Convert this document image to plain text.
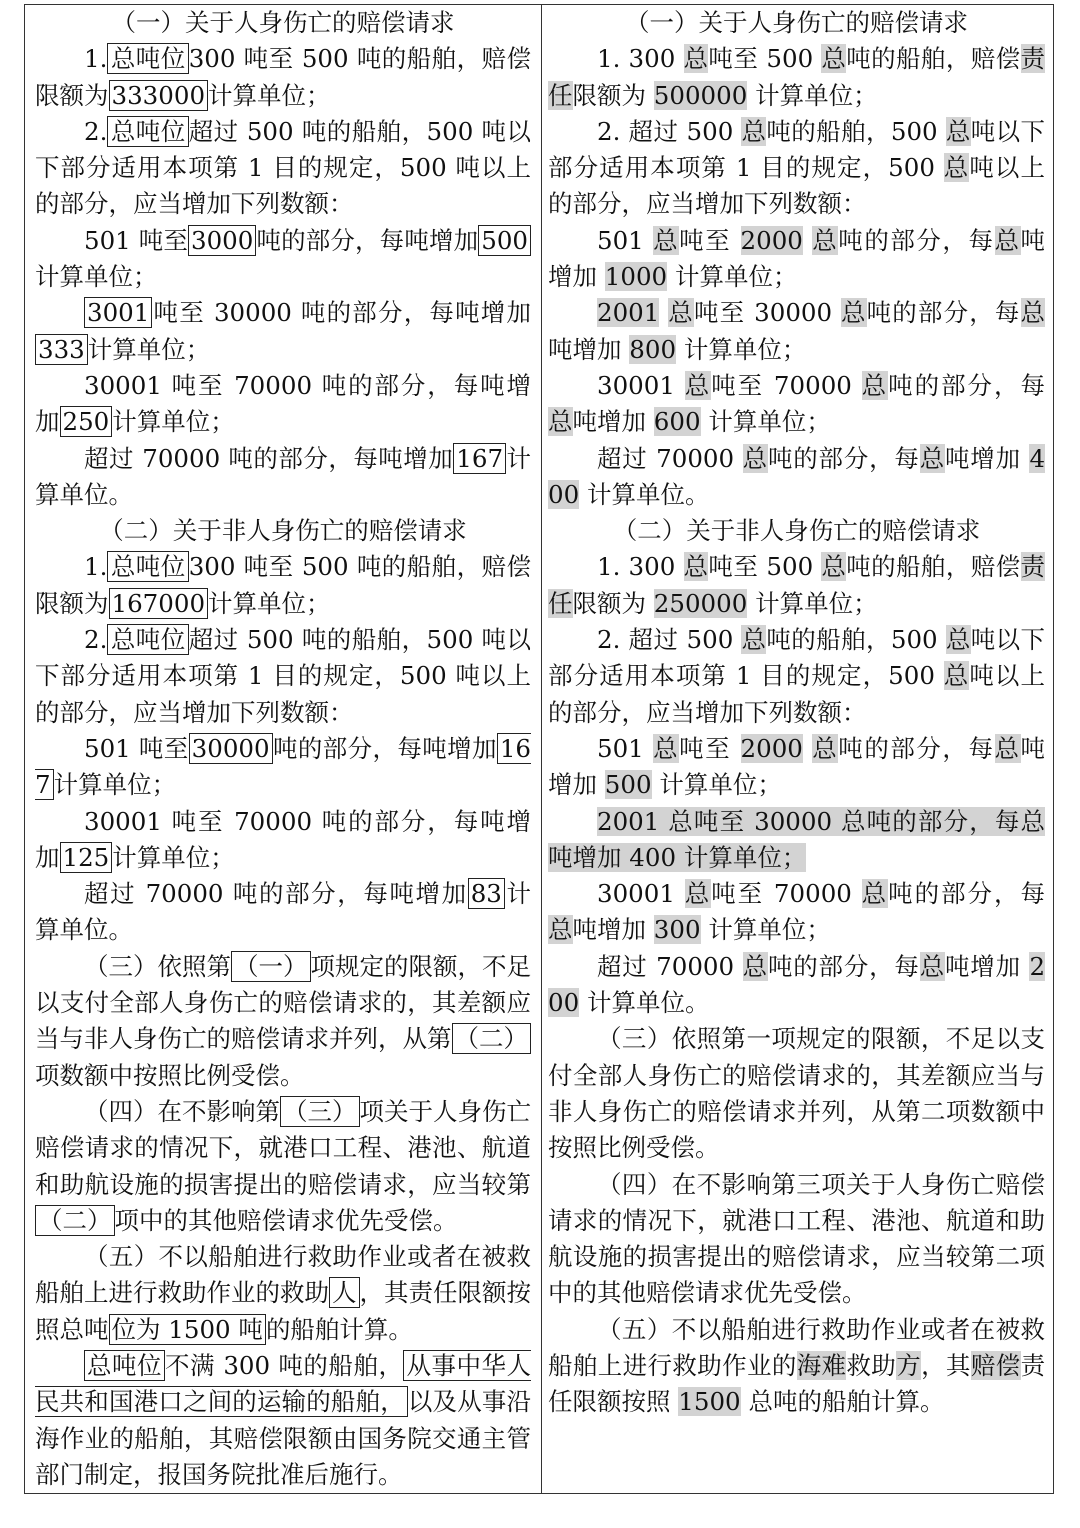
（一）关于人身伤亡的赔偿请求

1. 总吨位 300 吨至 500 吨的船舶，赔偿限额为 333000 计算单位；

2. 总吨位 超过 500 吨的船舶，500 吨以下部分适用本项第 1 目的规定，500 吨以上的部分，应当增加下列数额：

501 吨至 3000 吨的部分，每吨增加 500计算单位；

3001 吨至 30000 吨的部分，每吨增加333 计算单位；

30001 吨至 70000 吨的部分，每吨增加 250 计算单位；

超过 70000 吨的部分，每吨增加 167 计算单位。

（二）关于非人身伤亡的赔偿请求

1. 总吨位 300 吨至 500 吨的船舶，赔偿限额为 167000 计算单位；

2. 总吨位 超过 500 吨的船舶，500 吨以下部分适用本项第 1 目的规定，500 吨以上的部分，应当增加下列数额：

501 吨至 30000 吨的部分，每吨增加 167 计算单位；

30001 吨至 70000 吨的部分，每吨增加 125 计算单位；

超过 70000 吨的部分，每吨增加 83 计算单位。

（三）依照第 （一） 项规定的限额，不足以支付全部人身伤亡的赔偿请求的，其差额应当与非人身伤亡的赔偿请求并列，从第 （二）项数额中按照比例受偿。

（四）在不影响第 （三） 项关于人身伤亡赔偿请求的情况下，就港口工程、港池、航道和助航设施的损害提出的赔偿请求，应当较第（二） 项中的其他赔偿请求优先受偿。

（五）不以船舶进行救助作业或者在被救船舶上进行救助作业的救助 人 ，其责任限额按照总吨 位为 1500 吨 的船舶计算。

总吨位 不满 300 吨的船舶， 从事中华人民共和国港口之间的运输的船舶， 以及从事沿海作业的船舶，其赔偿限额由国务院交通主管部门制定，报国务院批准后施行。

（一）关于人身伤亡的赔偿请求

1. 300 总吨至 500 总吨的船舶，赔偿责任限额为 500000 计算单位；

2. 超过 500 总吨的船舶，500 总吨以下部分适用本项第 1 目的规定，500 总吨以上的部分，应当增加下列数额：

501 总吨至 2000 总吨的部分，每总吨增加 1000 计算单位；

2001 总吨至 30000 总吨的部分，每总吨增加 800 计算单位；

30001 总吨至 70000 总吨的部分，每总吨增加 600 计算单位；

超过 70000 总吨的部分，每总吨增加 400 计算单位。

（二）关于非人身伤亡的赔偿请求

1. 300 总吨至 500 总吨的船舶，赔偿责任限额为 250000 计算单位；

2. 超过 500 总吨的船舶，500 总吨以下部分适用本项第 1 目的规定，500 总吨以上的部分，应当增加下列数额：

501 总吨至 2000 总吨的部分，每总吨增加 500 计算单位；

2001 总吨至 30000 总吨的部分，每总吨增加 400 计算单位；

30001 总吨至 70000 总吨的部分，每总吨增加 300 计算单位；

超过 70000 总吨的部分，每总吨增加 200 计算单位。

（三）依照第一项规定的限额，不足以支付全部人身伤亡的赔偿请求的，其差额应当与非人身伤亡的赔偿请求并列，从第二项数额中按照比例受偿。

（四）在不影响第三项关于人身伤亡赔偿请求的情况下，就港口工程、港池、航道和助航设施的损害提出的赔偿请求，应当较第二项中的其他赔偿请求优先受偿。

（五）不以船舶进行救助作业或者在被救船舶上进行救助作业的海难救助方，其赔偿责任限额按照 1500 总吨的船舶计算。
